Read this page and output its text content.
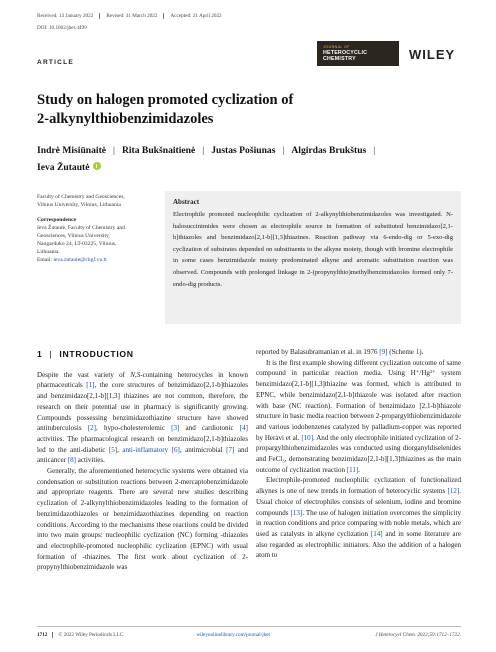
Received: 13 January 2022	Revised: 31 March 2022	Accepted: 21 April 2022
DOI: 10.1002/jhet.4499
ARTICLE
JOURNAL OF
HETEROCYCLIC
CHEMISTRY	WILEY
Study on halogen promoted cyclization of
2-alkynylthiobenzimidazoles
Indrė Misiūnaitė | Rita Bukšnaitienė | Justas Pošiunas | Algirdas Brukštus |
Ieva Žutautė

Faculty of Chemistry and Geosciences,
Vilnius University, Vilnius, Lithuania

Correspondence
Ieva Žutautė, Faculty of Chemistry and
Geosciences, Vilnius University,
Naugarduko 24, LT-03225, Vilnius,
Lithuania.
Email: ieva.zutaute@chgf.vu.lt

Abstract

Electrophile promoted nucleophilic cyclization of 2-alkynylthiobenzimidazoles was investigated. N-halosuccinimides were chosen as electrophile source in formation of substituted benzimidazo[2,1-b]thiazoles and benzimidazo[2,1-b][1,3]thiazines. Reaction pathway via 6-endo-dig or 5-exo-dig cyclization of substrates depended on substituents to the alkyne moiety, though with bromine electrophile in some cases benzimidazole moiety predominated alkyne and aromatic substitution reaction was observed. Compounds with prolonged linkage in 2-(propynylthio)methylbenzimidazoles formed only 7-endo-dig products.

1 | INTRODUCTION

Despite the vast variety of N,S-containing heterocycles in known pharmaceuticals [1], the core structures of benzimidazo[2,1-b]thiazoles and benzimidazo[2,1-b][1,3] thiazines are not common, therefore, the research on their potential use in pharmacy is significantly growing. Compounds possessing benzimidazothiazine structure have showed antituberculosis [2], hypo-cholesterolemic [3] and cardiotonic [4] activities. The pharmacological research on benzimidazo[2,1-b]thiazoles led to the anti-diabetic [5], anti-inflamatory [6], antimicrobial [7] and anticancer [8] activities.

Generally, the aforementioned heterocyclic systems were obtained via condensation or substitution reactions between 2-mercaptobenzimidazole and appropriate reagents. There are several new studies describing cyclization of 2-alkynylthiobenzimidazoles leading to the formation of benzimidazothiazoles or benzimidazothiazines depending on reaction conditions. According to the mechanisms these reactions could be divided into two main groups: nucleophilic cyclization (NC) forming -thiazoles and electrophile-promoted nucleophilic cyclization (EPNC) with usual formation of -thiazines. The first work about cyclization of 2-propynylthiobenzimidazole was

reported by Balasubramanian et al. in 1976 [9] (Scheme 1).

It is the first example showing different cyclization outcome of same compound in particular reaction media. Using H⁺/Hg²⁺ system benzimidazo[2,1-b][1,3]thiazine was formed, which is attributed to EPNC, while benzimidazo[2,1-b]thiazole was isolated after reaction with base (NC reaction). Formation of benzimidazo [2,1-b]thiazole structure in basic media reaction between 2-propargylthiobenzimidazole and various iodobenzenes catalyzed by palladium-copper was reported by Heravi et al. [10]. And the only electrophile initiated cyclization of 2-propargylthiobenzimidazoles was conducted using diorganyldiselenides and FeCl₃, demonstrating benzimidazo[2,1-b][1,3]thiazines as the main outcome of cyclization reaction [11].

Electrophile-promoted nucleophilic cyclization of functionalized alkynes is one of new trends in formation of heterocyclic systems [12]. Usual choice of electrophiles consists of selenium, iodine and bromine compounds [13]. The use of halogen initiation overcomes the simplicity in reaction conditions and price comparing with noble metals, which are used as catalysts in alkyne cyclization [14] and in some literature are also regarded as electrophilic initiators. Also the addition of a halogen atom to

1712 © 2022 Wiley Periodicals LLC.	wileyonlinelibrary.com/journal/jhet	J Heterocycl Chem. 2022;59:1712–1722.
